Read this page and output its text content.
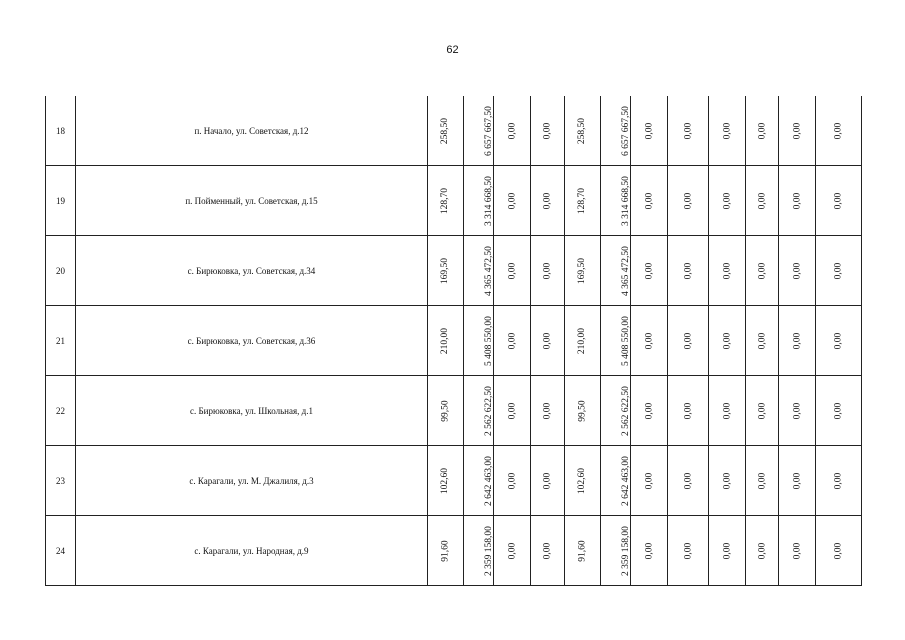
62
18	п. Начало, ул. Советская, д.12	258,50	6 657 667,50	0,00	0,00	258,50	6 657 667,50	0,00	0,00	0,00	0,00	0,00	0,00
19	п. Пойменный, ул. Советская, д.15	128,70	3 314 668,50	0,00	0,00	128,70	3 314 668,50	0,00	0,00	0,00	0,00	0,00	0,00
20	с. Бирюковка, ул. Советская, д.34	169,50	4 365 472,50	0,00	0,00	169,50	4 365 472,50	0,00	0,00	0,00	0,00	0,00	0,00
21	с. Бирюковка, ул. Советская, д.36	210,00	5 408 550,00	0,00	0,00	210,00	5 408 550,00	0,00	0,00	0,00	0,00	0,00	0,00
22	с. Бирюковка, ул. Школьная, д.1	99,50	2 562 622,50	0,00	0,00	99,50	2 562 622,50	0,00	0,00	0,00	0,00	0,00	0,00
23	с. Карагали, ул. М. Джалиля, д.3	102,60	2 642 463,00	0,00	0,00	102,60	2 642 463,00	0,00	0,00	0,00	0,00	0,00	0,00
24	с. Карагали, ул. Народная, д.9	91,60	2 359 158,00	0,00	0,00	91,60	2 359 158,00	0,00	0,00	0,00	0,00	0,00	0,00
